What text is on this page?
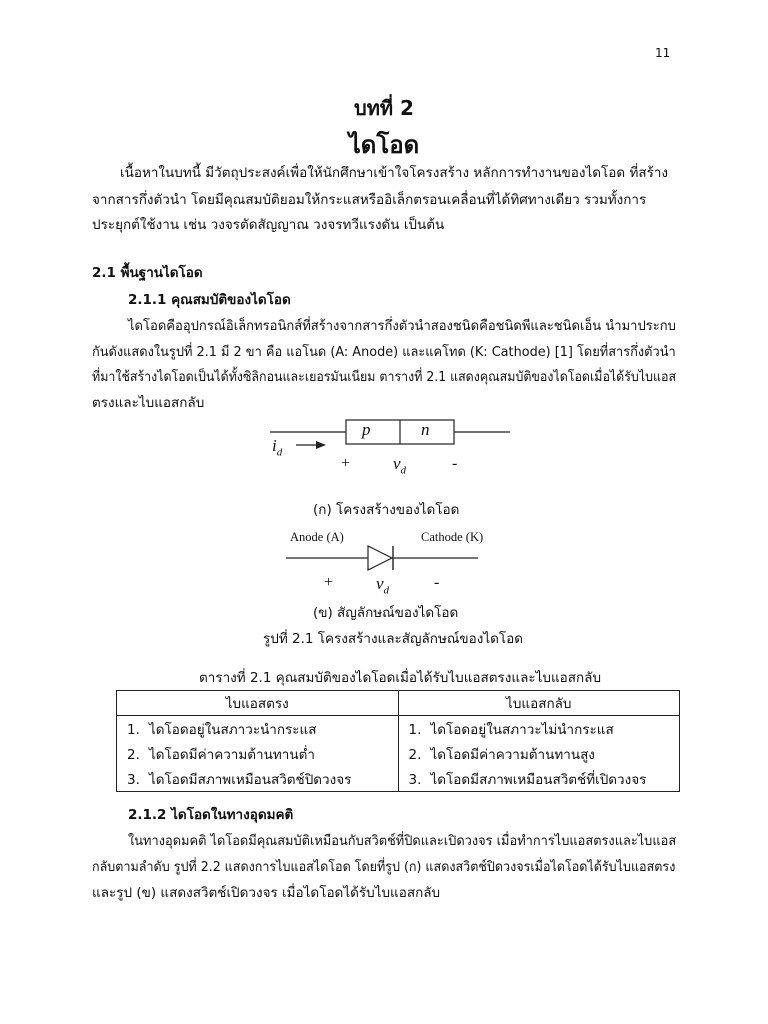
11
บทที่ 2
ไดโอด
เนื้อหาในบทนี้ มีวัตถุประสงค์เพื่อให้นักศึกษาเข้าใจโครงสร้าง หลักการทำงานของไดโอด ที่สร้าง
จากสารกึ่งตัวนำ โดยมีคุณสมบัติยอมให้กระแสหรืออิเล็กตรอนเคลื่อนที่ได้ทิศทางเดียว รวมทั้งการ
ประยุกต์ใช้งาน เช่น วงจรตัดสัญญาณ วงจรทวีแรงดัน เป็นต้น
2.1 พื้นฐานไดโอด
2.1.1 คุณสมบัติของไดโอด
ไดโอดคืออุปกรณ์อิเล็กทรอนิกส์ที่สร้างจากสารกึ่งตัวนำสองชนิดคือชนิดพีและชนิดเอ็น นำมาประกบ
กันดังแสดงในรูปที่ 2.1 มี 2 ขา คือ แอโนด (A: Anode) และแคโทด (K: Cathode) [1] โดยที่สารกึ่งตัวนำ
ที่มาใช้สร้างไดโอดเป็นได้ทั้งซิลิกอนและเยอรมันเนียม ตารางที่ 2.1 แสดงคุณสมบัติของไดโอดเมื่อได้รับไบแอส
ตรงและไบแอสกลับ
p	n
$i_d$
+	$v_d$	-
(ก) โครงสร้างของไดโอด
Anode (A)	Cathode (K)
+	$v_d$	-
(ข) สัญลักษณ์ของไดโอด
รูปที่ 2.1 โครงสร้างและสัญลักษณ์ของไดโอด
ตารางที่ 2.1 คุณสมบัติของไดโอดเมื่อได้รับไบแอสตรงและไบแอสกลับ
ไบแอสตรง	ไบแอสกลับ
1. ไดโอดอยู่ในสภาวะนำกระแส	1. ไดโอดอยู่ในสภาวะไม่นำกระแส
2. ไดโอดมีค่าความต้านทานต่ำ	2. ไดโอดมีค่าความต้านทานสูง
3. ไดโอดมีสภาพเหมือนสวิตช์ปิดวงจร	3. ไดโอดมีสภาพเหมือนสวิตช์ที่เปิดวงจร
2.1.2 ไดโอดในทางอุดมคติ
ในทางอุดมคติ ไดโอดมีคุณสมบัติเหมือนกับสวิตช์ที่ปิดและเปิดวงจร เมื่อทำการไบแอสตรงและไบแอส
กลับตามลำดับ รูปที่ 2.2 แสดงการไบแอสไดโอด โดยที่รูป (ก) แสดงสวิตช์ปิดวงจรเมื่อไดโอดได้รับไบแอสตรง
และรูป (ข) แสดงสวิตช์เปิดวงจร เมื่อไดโอดได้รับไบแอสกลับ
